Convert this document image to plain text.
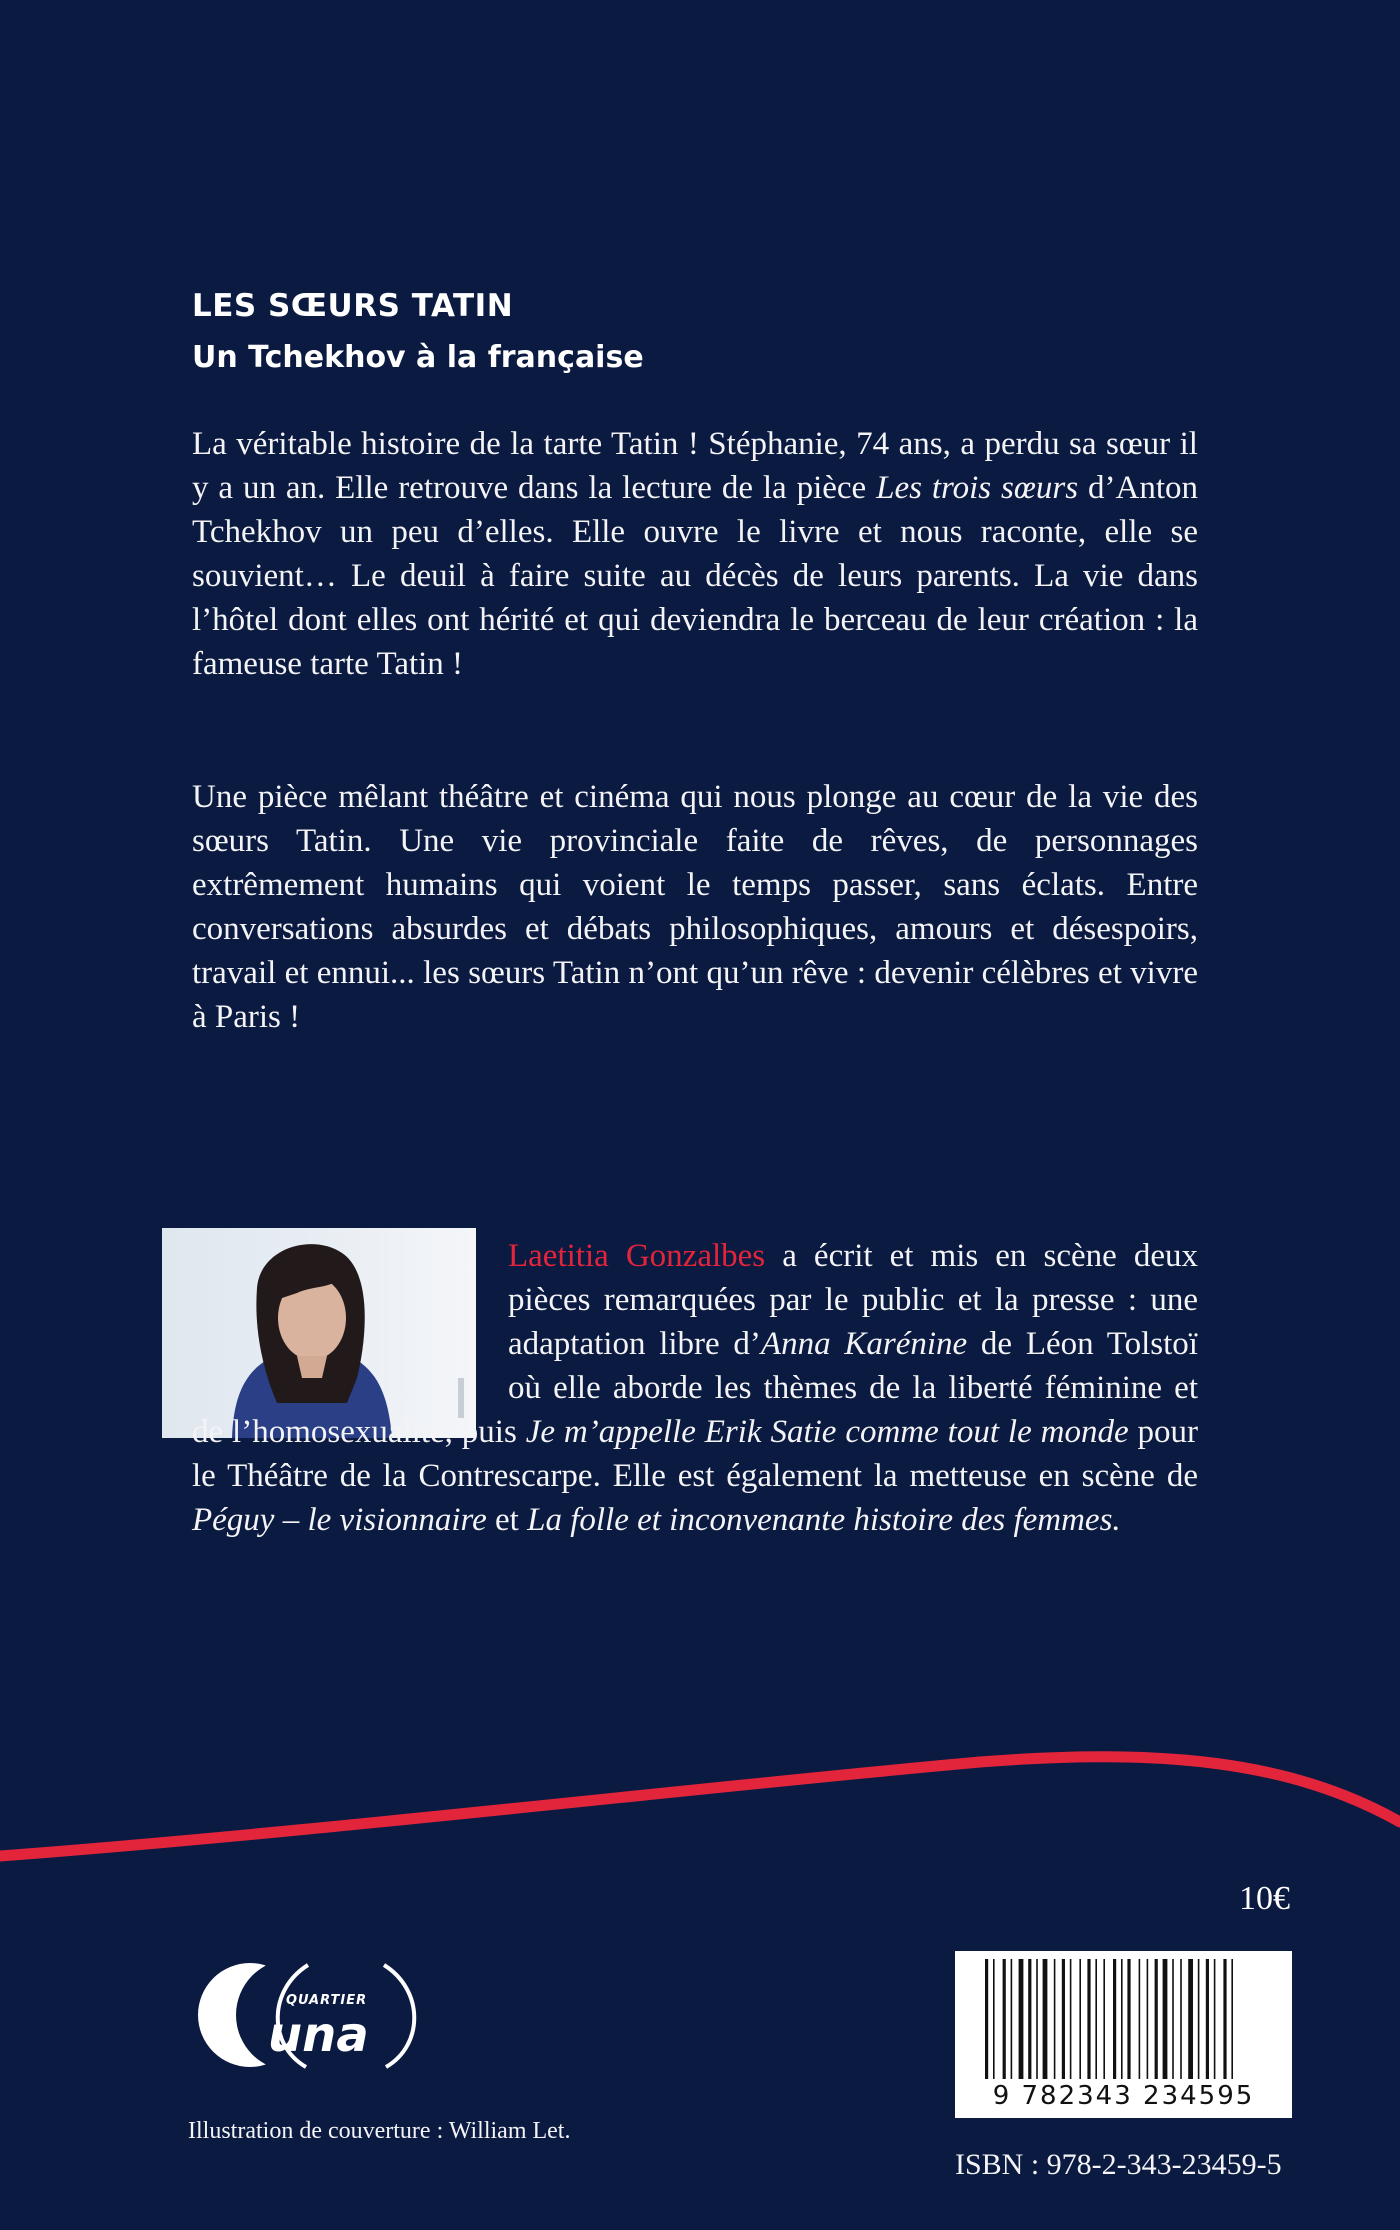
LES SŒURS TATIN
Un Tchekhov à la française

La véritable histoire de la tarte Tatin ! Stéphanie, 74 ans, a perdu sa sœur il y a un an. Elle retrouve dans la lecture de la pièce Les trois sœurs d’Anton Tchekhov un peu d’elles. Elle ouvre le livre et nous raconte, elle se souvient… Le deuil à faire suite au décès de leurs parents. La vie dans l’hôtel dont elles ont hérité et qui deviendra le berceau de leur création : la fameuse tarte Tatin !

Une pièce mêlant théâtre et cinéma qui nous plonge au cœur de la vie des sœurs Tatin. Une vie provinciale faite de rêves, de personnages extrêmement humains qui voient le temps passer, sans éclats. Entre conversations absurdes et débats philosophiques, amours et désespoirs, travail et ennui... les sœurs Tatin n’ont qu’un rêve : devenir célèbres et vivre à Paris !

Laetitia Gonzalbes a écrit et mis en scène deux pièces remarquées par le public et la presse : une adaptation libre d’Anna Karénine de Léon Tolstoï où elle aborde les thèmes de la liberté féminine et de l’homosexualité, puis Je m’appelle Erik Satie comme tout le monde pour le Théâtre de la Contrescarpe. Elle est également la metteuse en scène de Péguy – le visionnaire et La folle et inconvenante histoire des femmes.

10€

QUARTIER
una

Illustration de couverture : William Let.

9 782343 234595

ISBN : 978-2-343-23459-5
